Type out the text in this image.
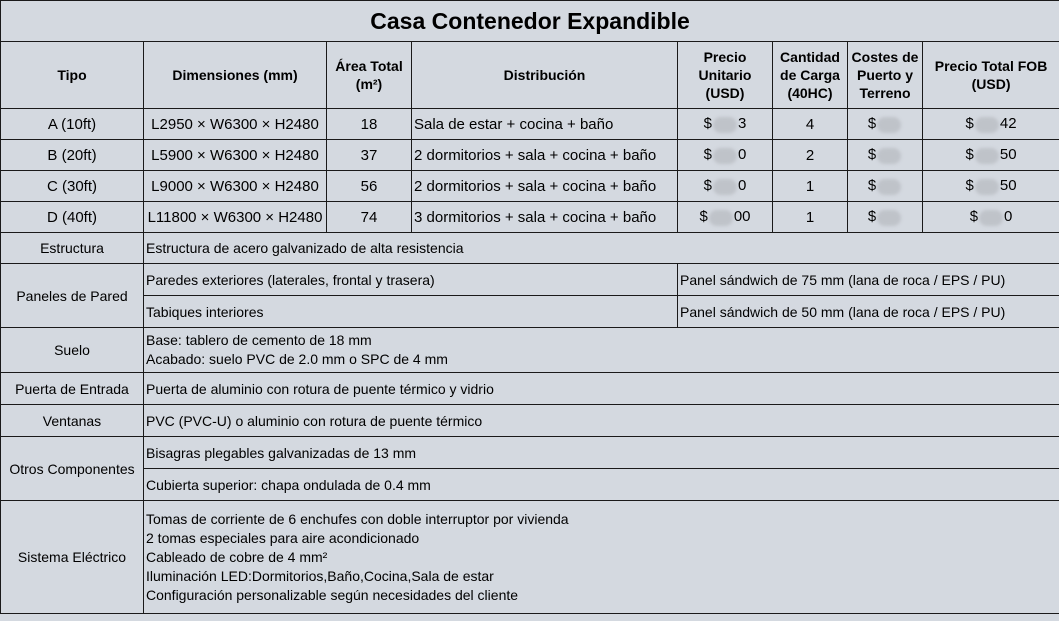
Casa Contenedor Expandible							
Tipo	Dimensiones (mm)	Área Total (m²)	Distribución	Precio Unitario (USD)	Cantidad de Carga (40HC)	Costes de Puerto y Terreno	Precio Total FOB (USD)
A (10ft)	L2950 × W6300 × H2480	18	Sala de estar + cocina + baño	$ 3	4	$	$ 42
B (20ft)	L5900 × W6300 × H2480	37	2 dormitorios + sala + cocina + baño	$ 0	2	$	$ 50
C (30ft)	L9000 × W6300 × H2480	56	2 dormitorios + sala + cocina + baño	$ 0	1	$	$ 50
D (40ft)	L11800 × W6300 × H2480	74	3 dormitorios + sala + cocina + baño	$ 00	1	$	$ 0
Estructura	Estructura de acero galvanizado de alta resistencia						
Paneles de Pared	Paredes exteriores (laterales, frontal y trasera)			Panel sándwich de 75 mm (lana de roca / EPS / PU)			
	Tabiques interiores			Panel sándwich de 50 mm (lana de roca / EPS / PU)			
Suelo	Base: tablero de cemento de 18 mm
Acabado: suelo PVC de 2.0 mm o SPC de 4 mm						

Puerta de Entrada	Puerta de aluminio con rotura de puente térmico y vidrio						
Ventanas	PVC (PVC-U) o aluminio con rotura de puente térmico						
Otros Componentes	Bisagras plegables galvanizadas de 13 mm						
	Cubierta superior: chapa ondulada de 0.4 mm						
Sistema Eléctrico	Tomas de corriente de 6 enchufes con doble interruptor por vivienda
2 tomas especiales para aire acondicionado
Cableado de cobre de 4 mm²
Iluminación LED:Dormitorios,Baño,Cocina,Sala de estar
Configuración personalizable según necesidades del cliente						
